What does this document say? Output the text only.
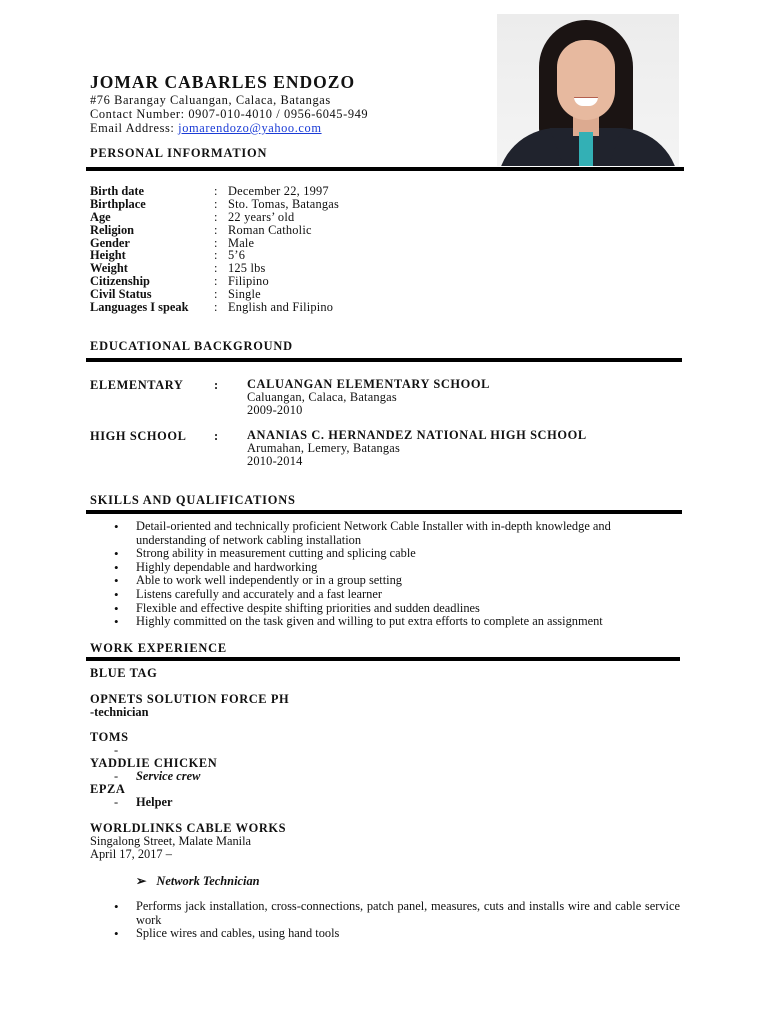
JOMAR CABARLES ENDOZO
#76 Barangay Caluangan, Calaca, Batangas
Contact Number: 0907-010-4010 / 0956-6045-949
Email Address: jomarendozo@yahoo.com
PERSONAL INFORMATION
Birth date	: December 22, 1997
Birthplace	: Sto. Tomas, Batangas
Age	: 22 years’ old
Religion	: Roman Catholic
Gender	: Male
Height	: 5’6
Weight	: 125 lbs
Citizenship	: Filipino
Civil Status	: Single
Languages I speak : English and Filipino
EDUCATIONAL BACKGROUND
ELEMENTARY : CALUANGAN ELEMENTARY SCHOOL
Caluangan, Calaca, Batangas
2009-2010
HIGH SCHOOL : ANANIAS C. HERNANDEZ NATIONAL HIGH SCHOOL
Arumahan, Lemery, Batangas
2010-2014
SKILLS AND QUALIFICATIONS
• Detail-oriented and technically proficient Network Cable Installer with in-depth knowledge and understanding of network cabling installation
• Strong ability in measurement cutting and splicing cable
• Highly dependable and hardworking
• Able to work well independently or in a group setting
• Listens carefully and accurately and a fast learner
• Flexible and effective despite shifting priorities and sudden deadlines
• Highly committed on the task given and willing to put extra efforts to complete an assignment
WORK EXPERIENCE
BLUE TAG
OPNETS SOLUTION FORCE PH
-technician
TOMS
-
YADDLIE CHICKEN
- Service crew
EPZA
- Helper
WORLDLINKS CABLE WORKS
Singalong Street, Malate Manila
April 17, 2017 –
➢ Network Technician
• Performs jack installation, cross-connections, patch panel, measures, cuts and installs wire and cable service work
• Splice wires and cables, using hand tools
